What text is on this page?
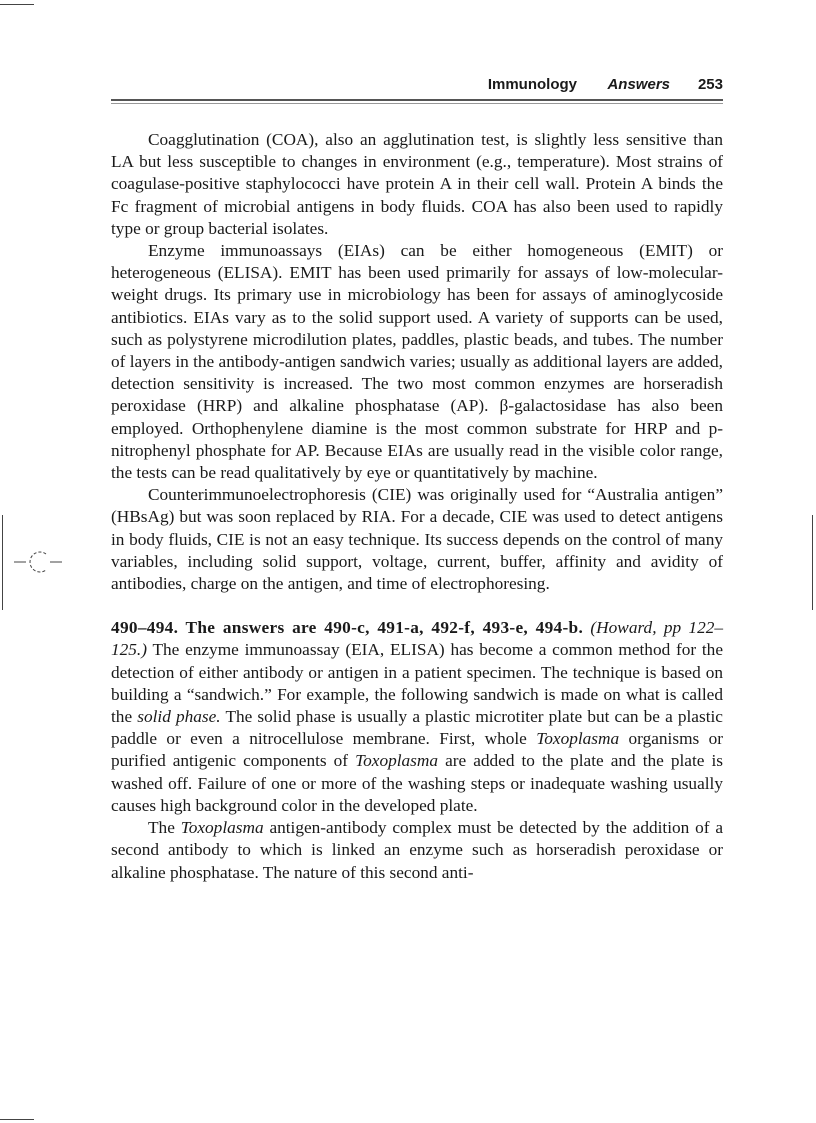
Immunology Answers 253

Coagglutination (COA), also an agglutination test, is slightly less sensitive than LA but less susceptible to changes in environment (e.g., temperature). Most strains of coagulase-positive staphylococci have protein A in their cell wall. Protein A binds the Fc fragment of microbial antigens in body fluids. COA has also been used to rapidly type or group bacterial isolates.

Enzyme immunoassays (EIAs) can be either homogeneous (EMIT) or heterogeneous (ELISA). EMIT has been used primarily for assays of low-molecular-weight drugs. Its primary use in microbiology has been for assays of aminoglycoside antibiotics. EIAs vary as to the solid support used. A variety of supports can be used, such as polystyrene microdilution plates, paddles, plastic beads, and tubes. The number of layers in the antibody-antigen sandwich varies; usually as additional layers are added, detection sensitivity is increased. The two most common enzymes are horseradish peroxidase (HRP) and alkaline phosphatase (AP). β-galactosidase has also been employed. Orthophenylene diamine is the most common substrate for HRP and p-nitrophenyl phosphate for AP. Because EIAs are usually read in the visible color range, the tests can be read qualitatively by eye or quantitatively by machine.

Counterimmunoelectrophoresis (CIE) was originally used for “Australia antigen” (HBsAg) but was soon replaced by RIA. For a decade, CIE was used to detect antigens in body fluids, CIE is not an easy technique. Its success depends on the control of many variables, including solid support, voltage, current, buffer, affinity and avidity of antibodies, charge on the antigen, and time of electrophoresing.

490–494. The answers are 490-c, 491-a, 492-f, 493-e, 494-b. (Howard, pp 122–125.) The enzyme immunoassay (EIA, ELISA) has become a common method for the detection of either antibody or antigen in a patient specimen. The technique is based on building a “sandwich.” For example, the following sandwich is made on what is called the solid phase. The solid phase is usually a plastic microtiter plate but can be a plastic paddle or even a nitrocellulose membrane. First, whole Toxoplasma organisms or purified antigenic components of Toxoplasma are added to the plate and the plate is washed off. Failure of one or more of the washing steps or inadequate washing usually causes high background color in the developed plate.

The Toxoplasma antigen-antibody complex must be detected by the addition of a second antibody to which is linked an enzyme such as horseradish peroxidase or alkaline phosphatase. The nature of this second anti-
